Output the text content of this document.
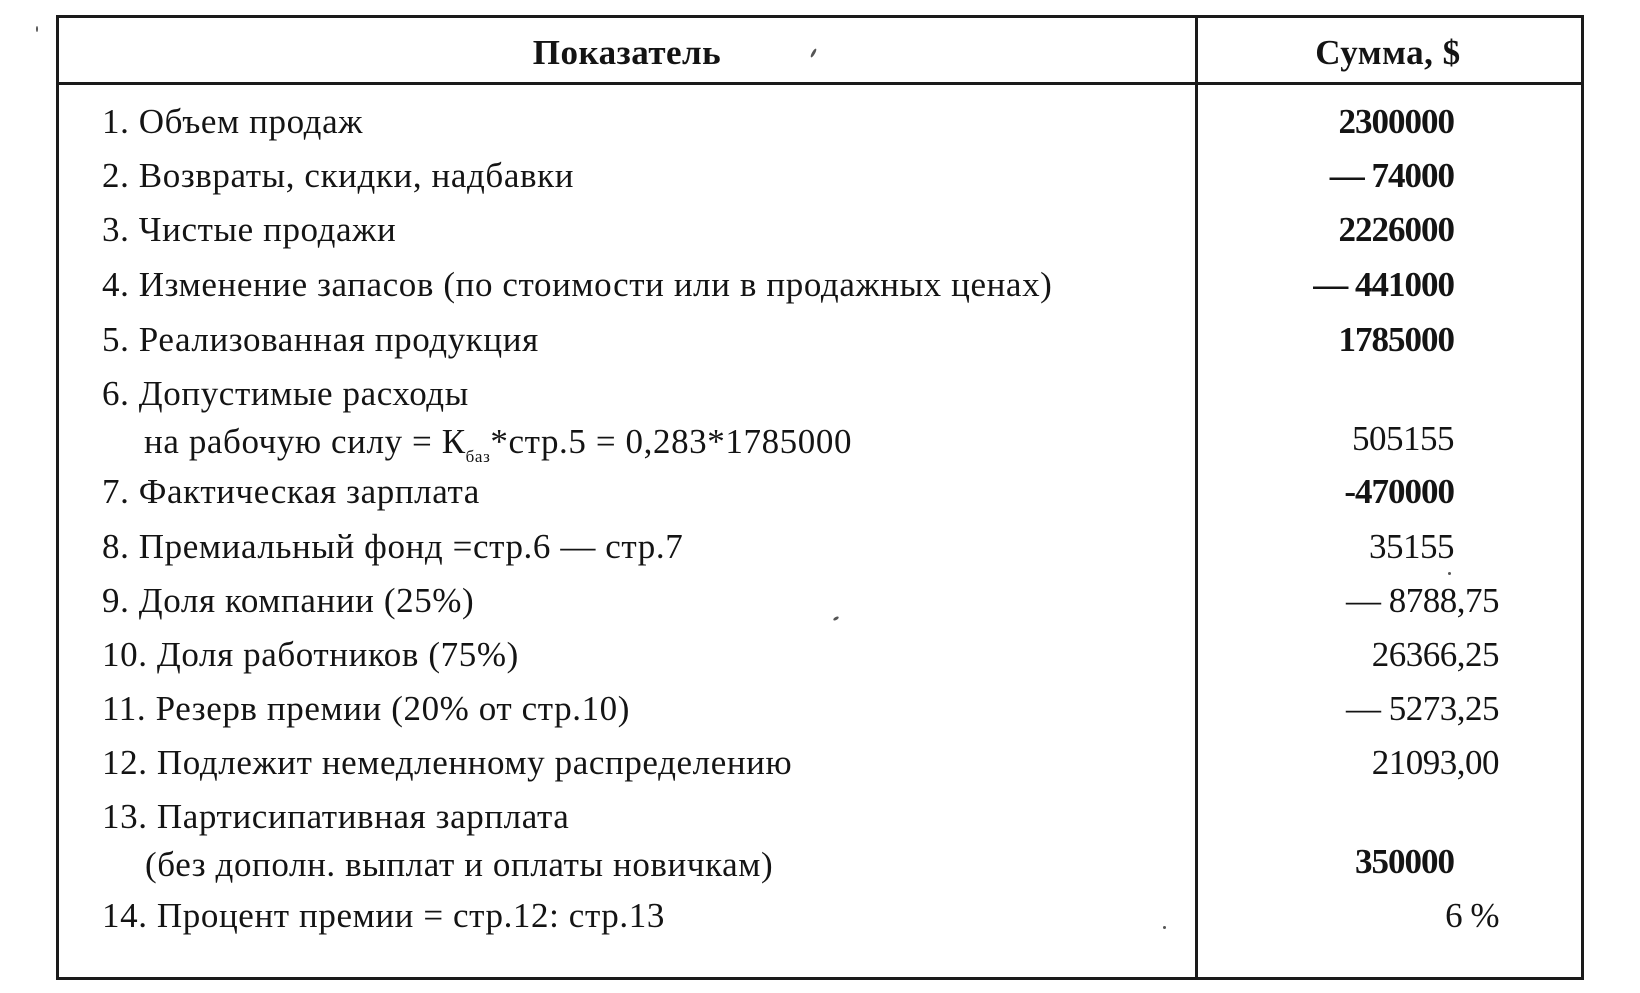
Показатель	Сумма, $
1. Объем продаж	2300000
2. Возвраты, скидки, надбавки	— 74000
3. Чистые продажи	2226000
4. Изменение запасов (по стоимости или в продажных ценах)	— 441000
5. Реализованная продукция	1785000
6. Допустимые расходы
на рабочую силу = $К_{баз}*стр.5 = 0,283*1785000$	505155
7. Фактическая зарплата	-470000
8. Премиальный фонд =стр.6 — стр.7	35155
9. Доля компании (25%)	— 8788,75
10. Доля работников (75%)	26366,25
11. Резерв премии (20% от стр.10)	— 5273,25
12. Подлежит немедленному распределению	21093,00
13. Партисипативная зарплата
(без дополн. выплат и оплаты новичкам)	350000
14. Процент премии = стр.12: стр.13	6 %
